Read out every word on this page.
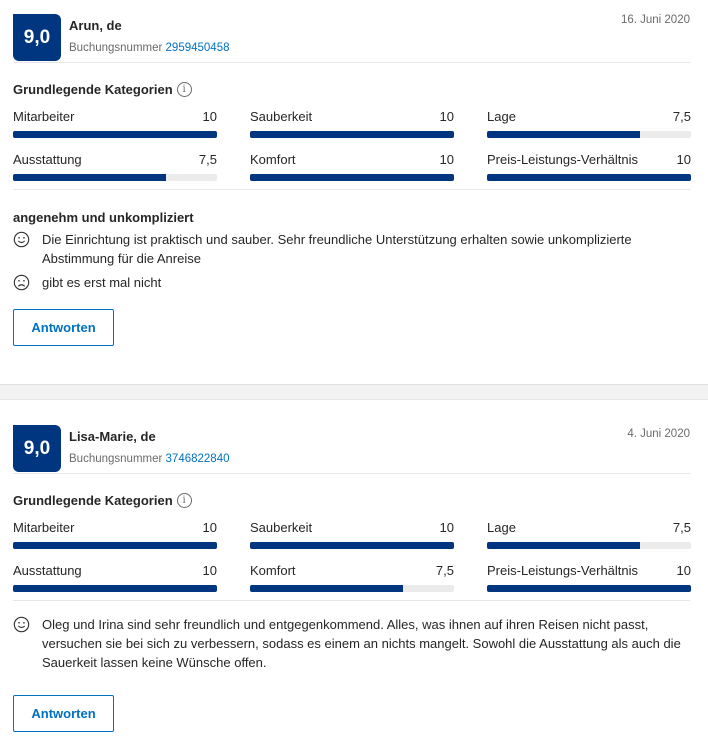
9,0
Arun, de
Buchungsnummer 2959450458
16. Juni 2020
Grundlegende Kategorien i
Mitarbeiter	10	Sauberkeit	10	Lage	7,5
Ausstattung	7,5	Komfort	10	Preis-Leistungs-Verhältnis	10
angenehm und unkompliziert
Die Einrichtung ist praktisch und sauber. Sehr freundliche Unterstützung erhalten sowie unkomplizierte Abstimmung für die Anreise
gibt es erst mal nicht
Antworten
9,0
Lisa-Marie, de
Buchungsnummer 3746822840
4. Juni 2020
Grundlegende Kategorien i
Mitarbeiter	10	Sauberkeit	10	Lage	7,5
Ausstattung	10	Komfort	7,5	Preis-Leistungs-Verhältnis	10
Oleg und Irina sind sehr freundlich und entgegenkommend. Alles, was ihnen auf ihren Reisen nicht passt, versuchen sie bei sich zu verbessern, sodass es einem an nichts mangelt. Sowohl die Ausstattung als auch die Sauerkeit lassen keine Wünsche offen.
Antworten
